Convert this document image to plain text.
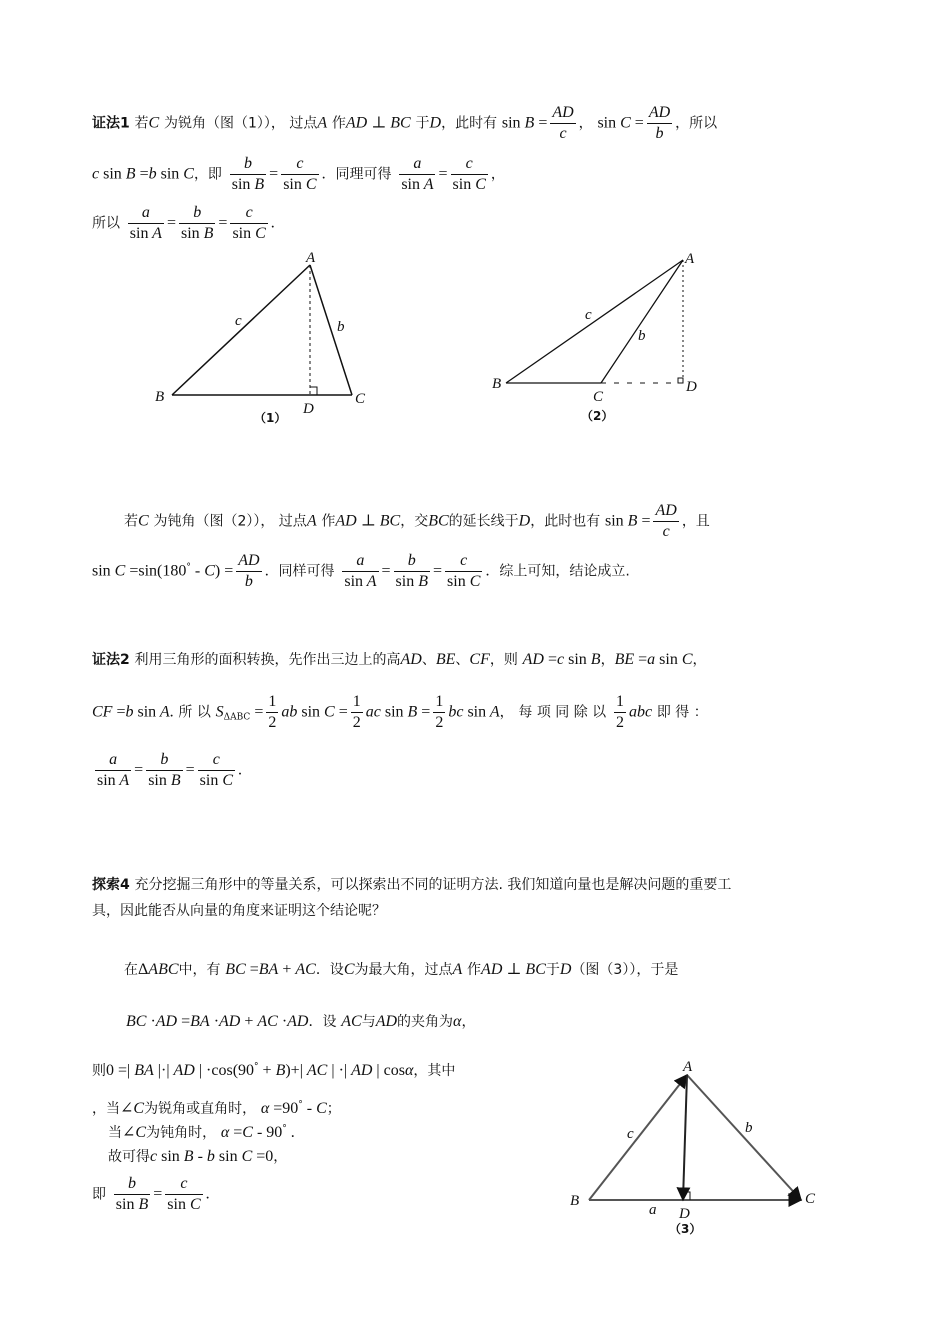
证法1 若C 为锐角（图（1））， 过点A 作AD ⊥ BC 于D，此时有 $\sin B = \frac{AD}{c}$ ， $\sin C = \frac{AD}{b}$ ，所以
c sin B =b sin C，即 $\frac{b}{\text{sin B}} = \frac{c}{\text{sin C}}$ ．同理可得 $\frac{a}{\text{sin A}} = \frac{c}{\text{sin C}}$ ，
所以 $\frac{a}{\text{sin A}} = \frac{b}{\text{sin B}} = \frac{c}{\text{sin C}}$ .
A
B	C
D
c	b
（1）
A
B
C
D
c
b
（2）
若C 为钝角（图（2））， 过点A 作AD ⊥ BC，交BC的延长线于D，此时也有 $\sin B = \frac{AD}{c}$ ，且
$\sin C =\sin(180^\circ - C) = \frac{AD}{b}$ ．同样可得 $\frac{a}{\text{sin A}} = \frac{b}{\text{sin B}} = \frac{c}{\text{sin C}}$ ．综上可知，结论成立.
证法2 利用三角形的面积转换，先作出三边上的高AD、BE、CF，则 AD =c sin B，BE =a sin C，
CF =b sin A. 所 以 $S_{\Delta ABC} = \frac{1}{2}$ ab $\sin C = \frac{1}{2}$ ac $\sin B = \frac{1}{2}$ bc sin A， 每 项 同 除 以 $\frac{1}{2}$ abc 即 得 ：
$\frac{a}{\text{sin A}} = \frac{b}{\text{sin B}} = \frac{c}{\text{sin C}}$ .
探索4 充分挖掘三角形中的等量关系，可以探索出不同的证明方法. 我们知道向量也是解决问题的重要工
具，因此能否从向量的角度来证明这个结论呢？
在ΔABC中，有 BC =BA + AC．设C为最大角，过点A 作AD ⊥ BC于D（图（3）），于是
BC ·AD =BA ·AD + AC ·AD．设 AC与AD的夹角为α，
则0 =| BA |·| AD | ·cos(90° + B)+| AC | ·| AD | cosα，其中
，当∠C为锐角或直角时， α =90° - C；
当∠C为钝角时， α =C - 90° .
故可得c sin B - b sin C =0，
即 $\frac{b}{\text{sin B}} = \frac{c}{\text{sin C}}$ .
A
B	C
D
c	b
a
（3）
